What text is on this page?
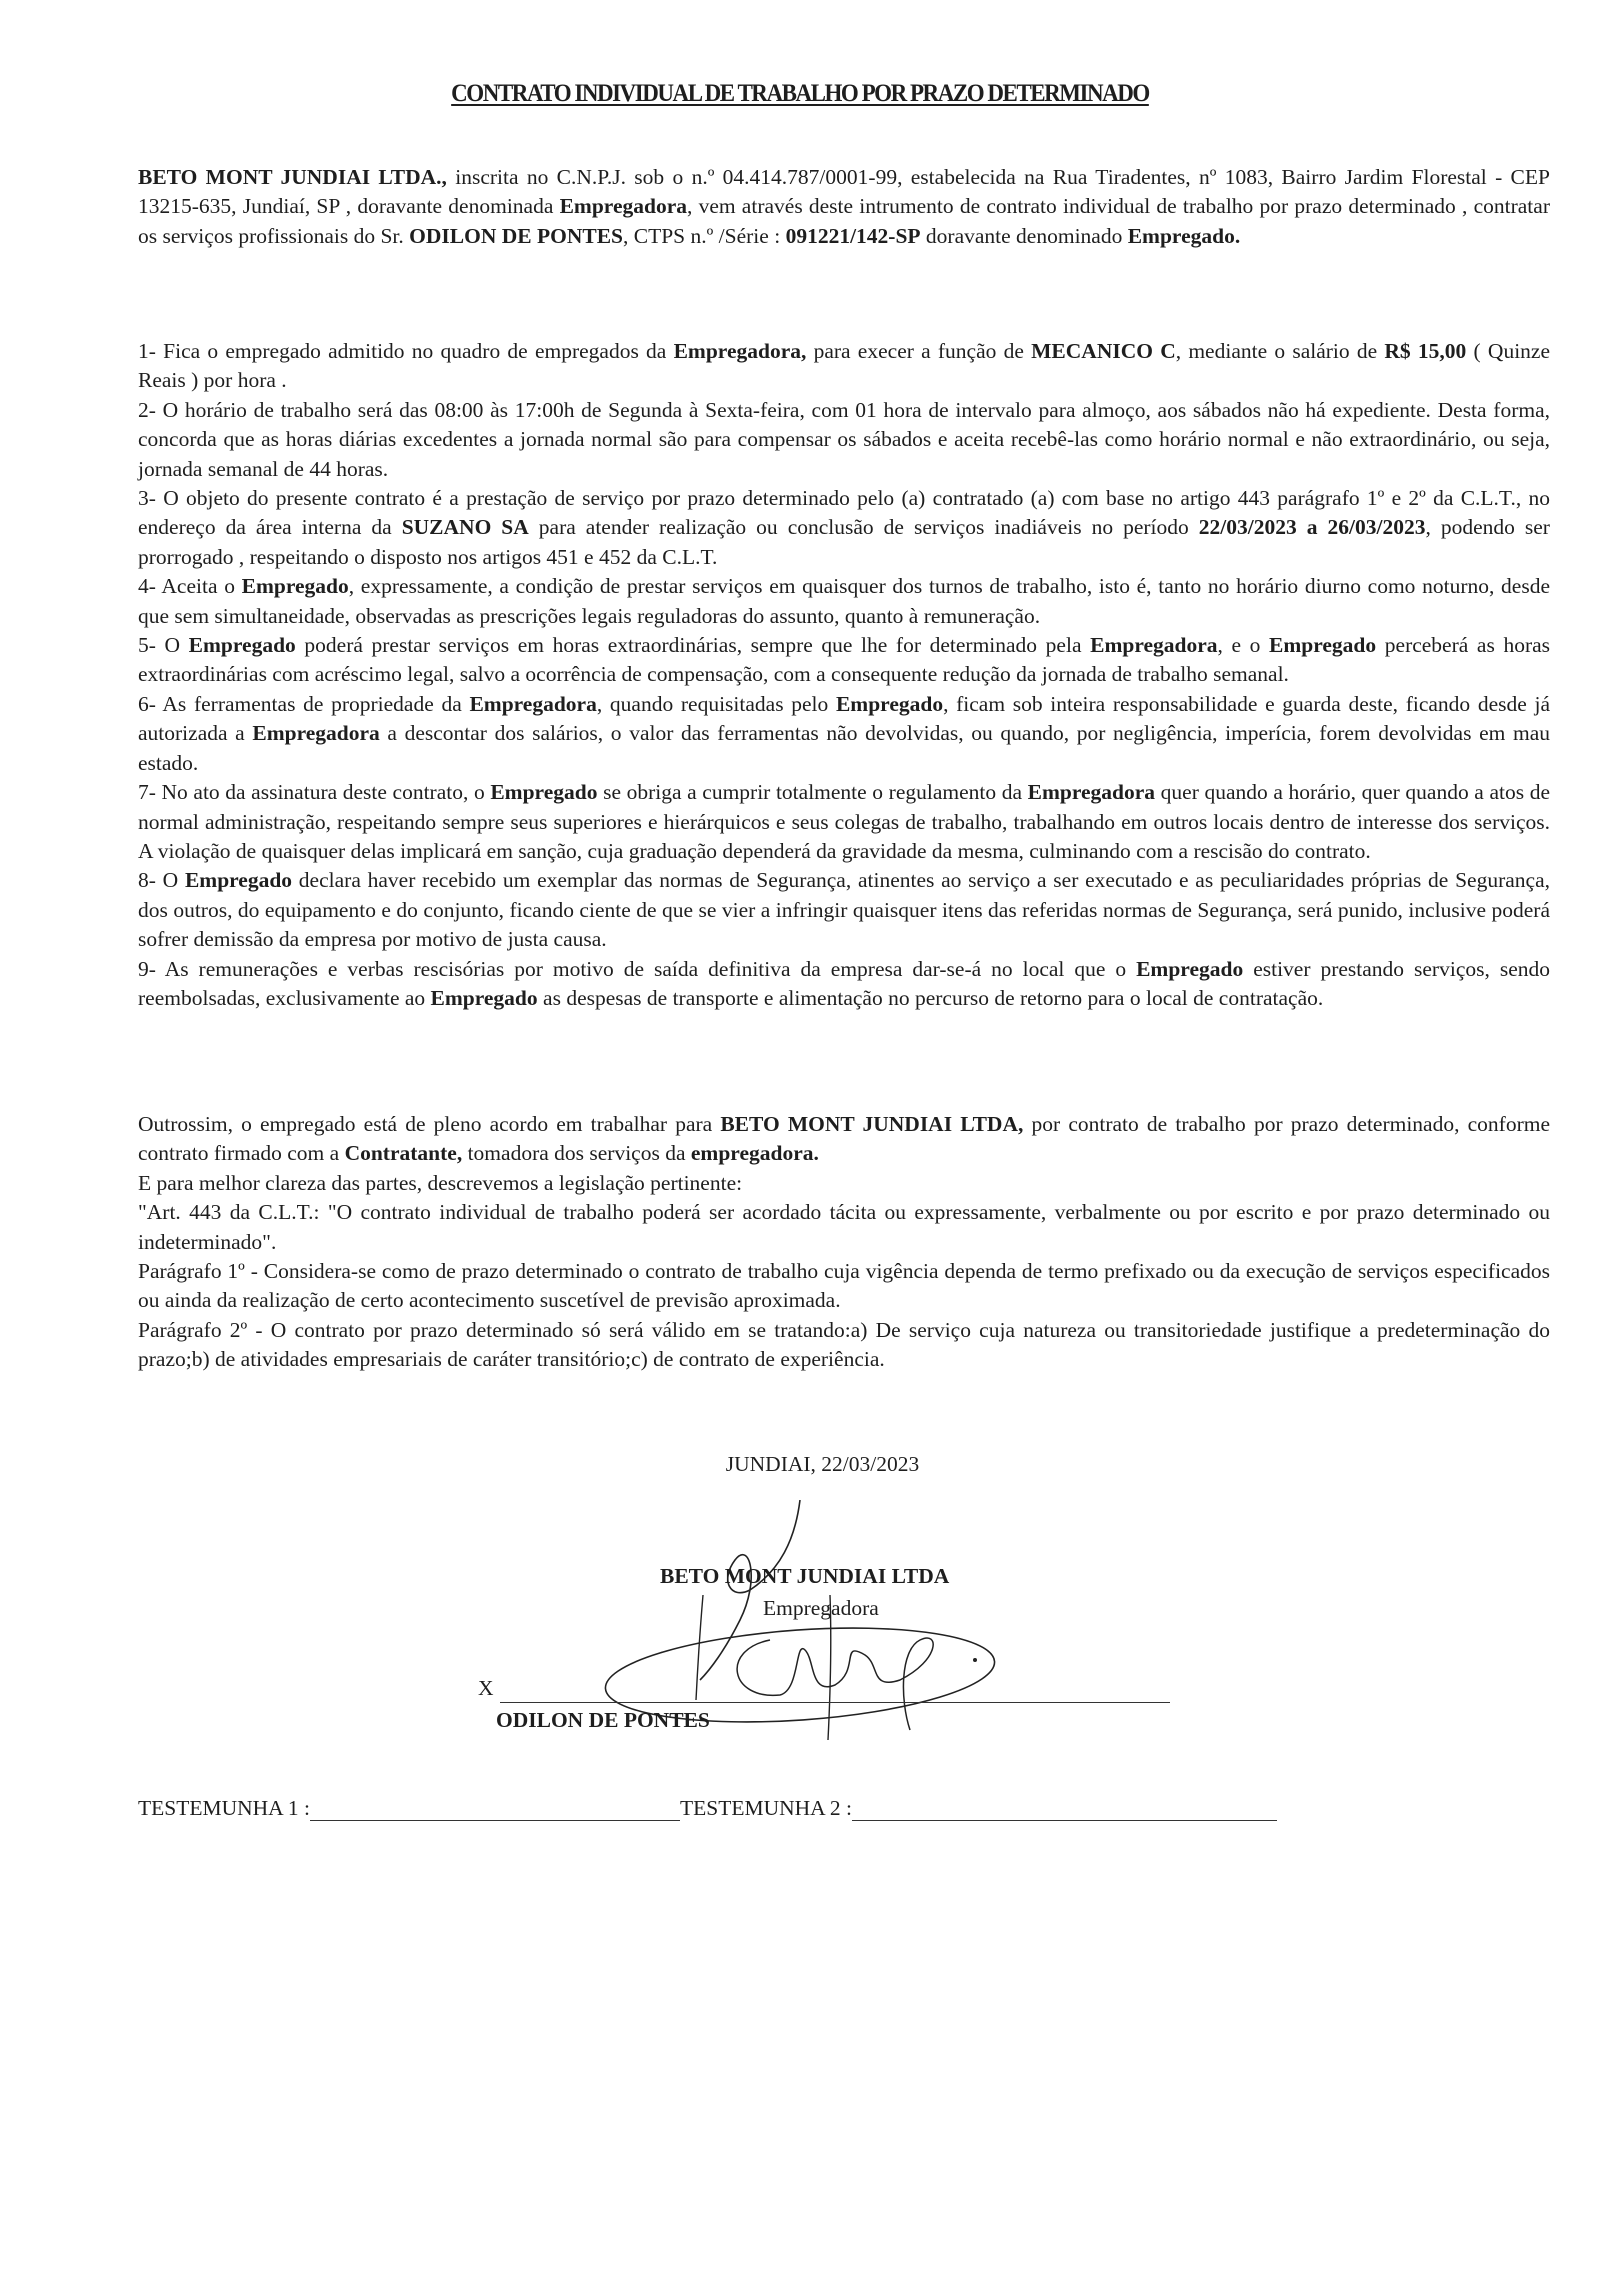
CONTRATO INDIVIDUAL DE TRABALHO POR PRAZO DETERMINADO

BETO MONT JUNDIAI LTDA., inscrita no C.N.P.J. sob o n.º 04.414.787/0001-99, estabelecida na Rua Tiradentes, nº 1083, Bairro Jardim Florestal - CEP 13215-635, Jundiaí, SP , doravante denominada Empregadora, vem através deste intrumento de contrato individual de trabalho por prazo determinado , contratar os serviços profissionais do Sr. ODILON DE PONTES, CTPS n.º /Série : 091221/142-SP doravante denominado Empregado.

1- Fica o empregado admitido no quadro de empregados da Empregadora, para execer a função de MECANICO C, mediante o salário de R$ 15,00 ( Quinze Reais ) por hora .

2- O horário de trabalho será das 08:00 às 17:00h de Segunda à Sexta-feira, com 01 hora de intervalo para almoço, aos sábados não há expediente. Desta forma, concorda que as horas diárias excedentes a jornada normal são para compensar os sábados e aceita recebê-las como horário normal e não extraordinário, ou seja, jornada semanal de 44 horas.

3- O objeto do presente contrato é a prestação de serviço por prazo determinado pelo (a) contratado (a) com base no artigo 443 parágrafo 1º e 2º da C.L.T., no endereço da área interna da SUZANO SA para atender realização ou conclusão de serviços inadiáveis no período 22/03/2023 a 26/03/2023, podendo ser prorrogado , respeitando o disposto nos artigos 451 e 452 da C.L.T.

4- Aceita o Empregado, expressamente, a condição de prestar serviços em quaisquer dos turnos de trabalho, isto é, tanto no horário diurno como noturno, desde que sem simultaneidade, observadas as prescrições legais reguladoras do assunto, quanto à remuneração.

5- O Empregado poderá prestar serviços em horas extraordinárias, sempre que lhe for determinado pela Empregadora, e o Empregado perceberá as horas extraordinárias com acréscimo legal, salvo a ocorrência de compensação, com a consequente redução da jornada de trabalho semanal.

6- As ferramentas de propriedade da Empregadora, quando requisitadas pelo Empregado, ficam sob inteira responsabilidade e guarda deste, ficando desde já autorizada a Empregadora a descontar dos salários, o valor das ferramentas não devolvidas, ou quando, por negligência, imperícia, forem devolvidas em mau estado.

7- No ato da assinatura deste contrato, o Empregado se obriga a cumprir totalmente o regulamento da Empregadora quer quando a horário, quer quando a atos de normal administração, respeitando sempre seus superiores e hierárquicos e seus colegas de trabalho, trabalhando em outros locais dentro de interesse dos serviços. A violação de quaisquer delas implicará em sanção, cuja graduação dependerá da gravidade da mesma, culminando com a rescisão do contrato.

8- O Empregado declara haver recebido um exemplar das normas de Segurança, atinentes ao serviço a ser executado e as peculiaridades próprias de Segurança, dos outros, do equipamento e do conjunto, ficando ciente de que se vier a infringir quaisquer itens das referidas normas de Segurança, será punido, inclusive poderá sofrer demissão da empresa por motivo de justa causa.

9- As remunerações e verbas rescisórias por motivo de saída definitiva da empresa dar-se-á no local que o Empregado estiver prestando serviços, sendo reembolsadas, exclusivamente ao Empregado as despesas de transporte e alimentação no percurso de retorno para o local de contratação.

Outrossim, o empregado está de pleno acordo em trabalhar para BETO MONT JUNDIAI LTDA, por contrato de trabalho por prazo determinado, conforme contrato firmado com a Contratante, tomadora dos serviços da empregadora.

E para melhor clareza das partes, descrevemos a legislação pertinente:

"Art. 443 da C.L.T.: "O contrato individual de trabalho poderá ser acordado tácita ou expressamente, verbalmente ou por escrito e por prazo determinado ou indeterminado".

Parágrafo 1º - Considera-se como de prazo determinado o contrato de trabalho cuja vigência dependa de termo prefixado ou da execução de serviços especificados ou ainda da realização de certo acontecimento suscetível de previsão aproximada.

Parágrafo 2º - O contrato por prazo determinado só será válido em se tratando:a) De serviço cuja natureza ou transitoriedade justifique a predeterminação do prazo;b) de atividades empresariais de caráter transitório;c) de contrato de experiência.

JUNDIAI, 22/03/2023
BETO MONT JUNDIAI LTDA
Empregadora
X
ODILON DE PONTES
TESTEMUNHA 1 :	TESTEMUNHA 2 :
